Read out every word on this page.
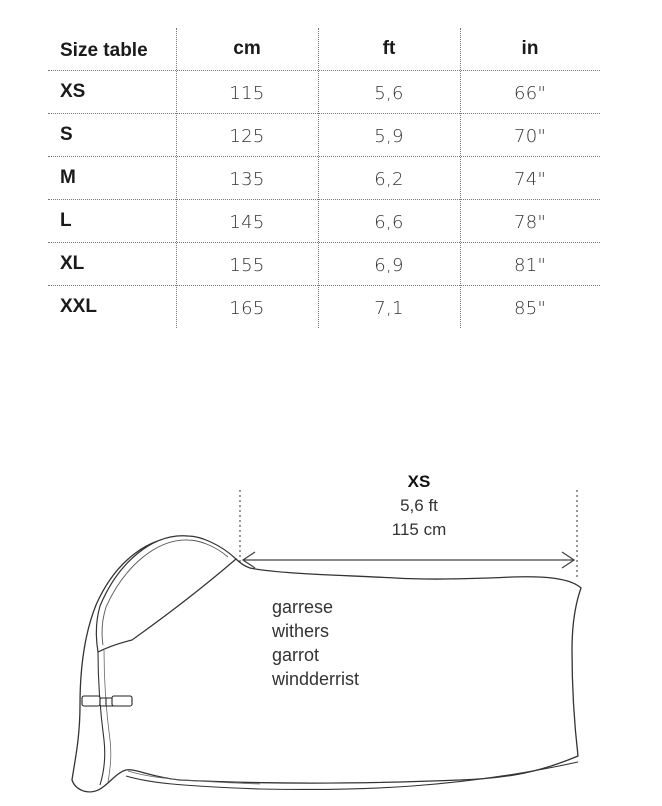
Size table	cm	ft	in
XS	115	5,6	66"
S	125	5,9	70"
M	135	6,2	74"
L	145	6,6	78"
XL	155	6,9	81"
XXL	165	7,1	85"
XS
5,6 ft
115 cm
garrese
withers
garrot
windderrist
